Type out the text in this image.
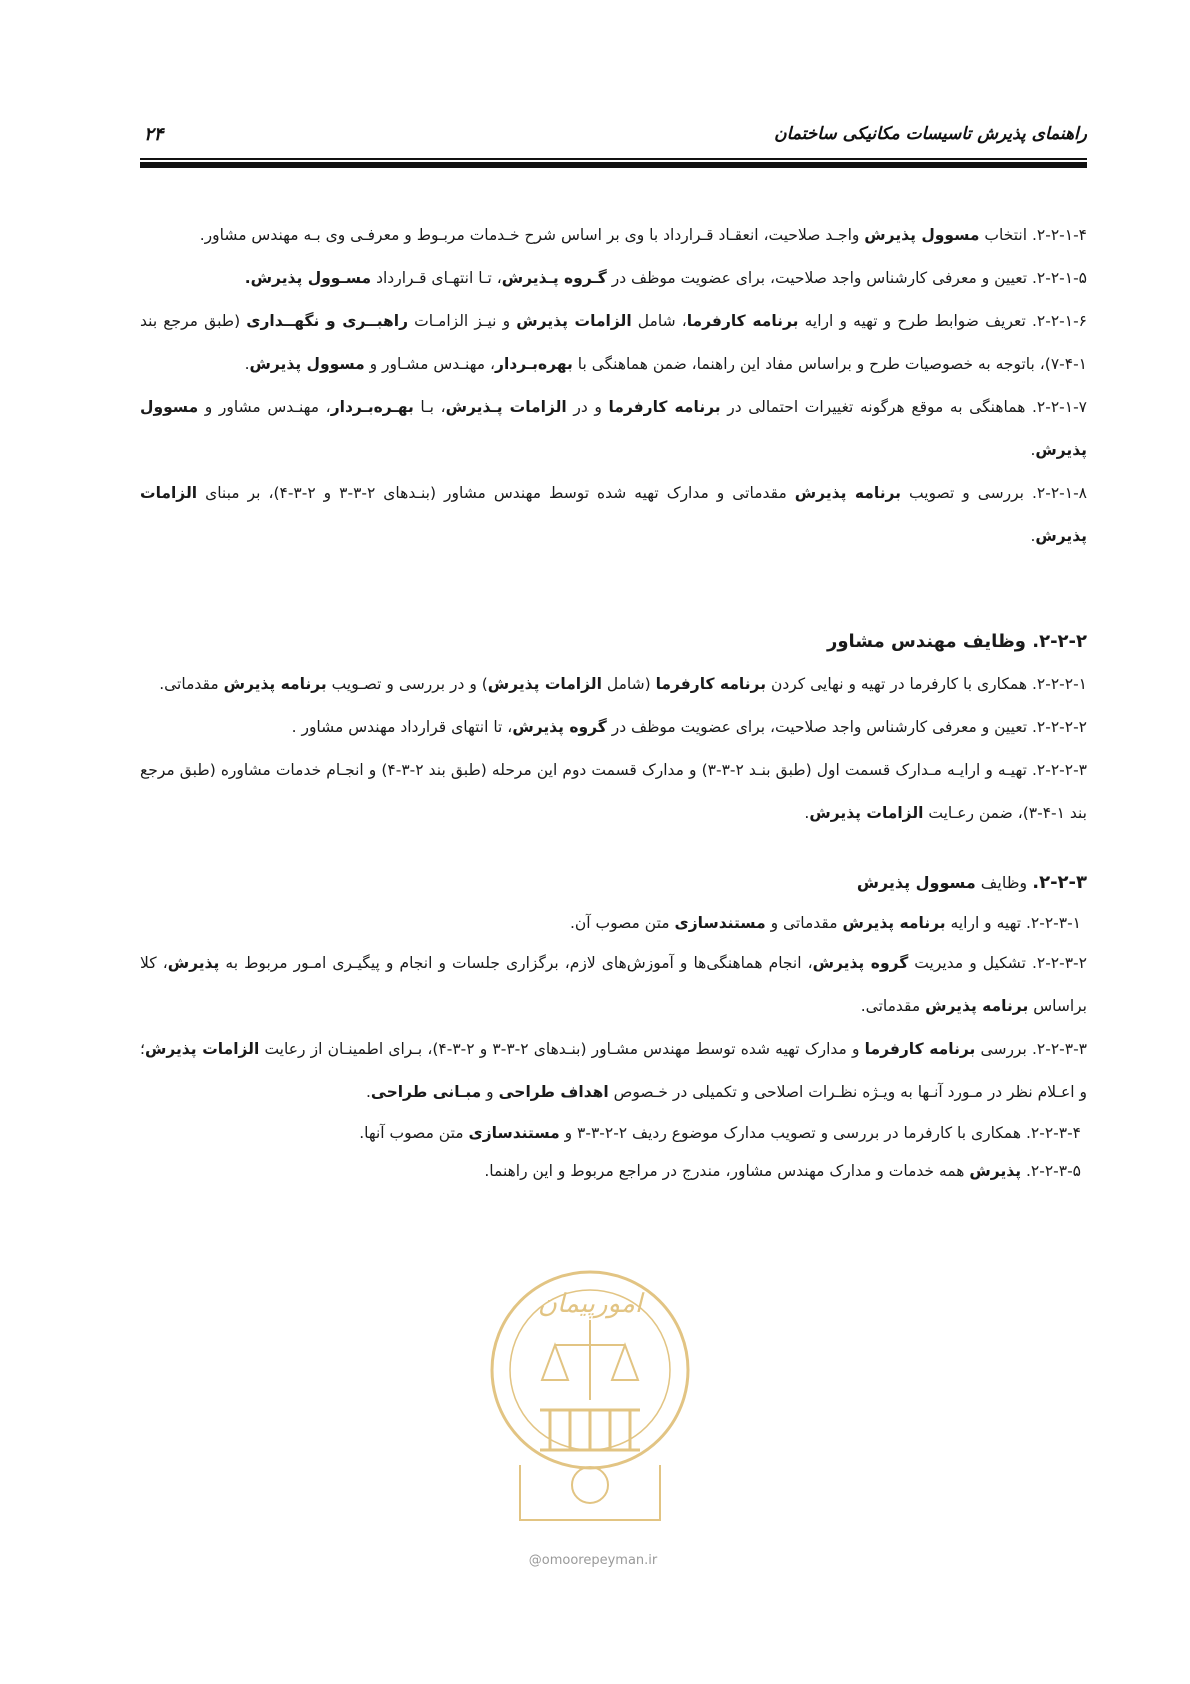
راهنمای پذیرش تاسیسات مکانیکی ساختمان
۲۴

۲-۲-۱-۴. انتخاب مسوول پذیرش واجـد صلاحیت، انعقـاد قـرارداد با وی بر اساس شرح خـدمات مربـوط و معرفـی وی بـه مهندس مشاور.

۲-۲-۱-۵. تعیین و معرفی کارشناس واجد صلاحیت، برای عضویت موظف در گـروه پـذیرش، تـا انتهـای قـرارداد مسـوول پذیرش.

۲-۲-۱-۶. تعریف ضوابط طرح و تهیه و ارایه برنامه کارفرما، شامل الزامات پذیرش و نیـز الزامـات راهبــری و نگهــداری (طبق مرجع بند ۱-۴-۷)، باتوجه به خصوصیات طرح و براساس مفاد این راهنما، ضمن هماهنگی با بهره‌بـردار، مهنـدس مشـاور و مسوول پذیرش.

۲-۲-۱-۷. هماهنگی به موقع هرگونه تغییرات احتمالی در برنامه کارفرما و در الزامات پـذیرش، بـا بهـره‌بـردار، مهنـدس مشاور و مسوول پذیرش.

۲-۲-۱-۸. بررسی و تصویب برنامه پذیرش مقدماتی و مدارک تهیه شده توسط مهندس مشاور (بنـدهای ۲-۳-۳ و ۲-۳-۴)، بر مبنای الزامات پذیرش.

۲-۲-۲. وظایف مهندس مشاور

۲-۲-۲-۱. همکاری با کارفرما در تهیه و نهایی کردن برنامه کارفرما (شامل الزامات پذیرش) و در بررسی و تصـویب برنامه پذیرش مقدماتی.

۲-۲-۲-۲. تعیین و معرفی کارشناس واجد صلاحیت، برای عضویت موظف در گروه پذیرش، تا انتهای قرارداد مهندس مشاور .

۲-۲-۲-۳. تهیـه و ارایـه مـدارک قسمت اول (طبق بنـد ۲-۳-۳) و مدارک قسمت دوم این مرحله (طبق بند ۲-۳-۴) و انجـام خدمات مشاوره (طبق مرجع بند ۱-۴-۳)، ضمن رعـایت الزامات پذیرش.

۲-۲-۳. وظایف مسوول پذیرش

۲-۲-۳-۱. تهیه و ارایه برنامه پذیرش مقدماتی و مستندسازی متن مصوب آن.

۲-۲-۳-۲. تشکیل و مدیریت گروه پذیرش، انجام هماهنگی‌ها و آموزش‌های لازم، برگزاری جلسات و انجام و پیگیـری امـور مربوط به پذیرش، کلا براساس برنامه پذیرش مقدماتی.

۲-۲-۳-۳. بررسی برنامه کارفرما و مدارک تهیه شده توسط مهندس مشـاور (بنـدهای ۲-۳-۳ و ۲-۳-۴)، بـرای اطمینـان از رعایت الزامات پذیرش؛ و اعـلام نظر در مـورد آنـها به ویـژه نظـرات اصلاحی و تکمیلی در خـصوص اهداف طراحی و مبـانی طراحی.

۲-۲-۳-۴. همکاری با کارفرما در بررسی و تصویب مدارک موضوع ردیف ۲-۲-۳-۳ و مستندسازی متن مصوب آنها.

۲-۲-۳-۵. پذیرش همه خدمات و مدارک مهندس مشاور، مندرج در مراجع مربوط و این راهنما.

امورپیمان
@omoorepeyman.ir
